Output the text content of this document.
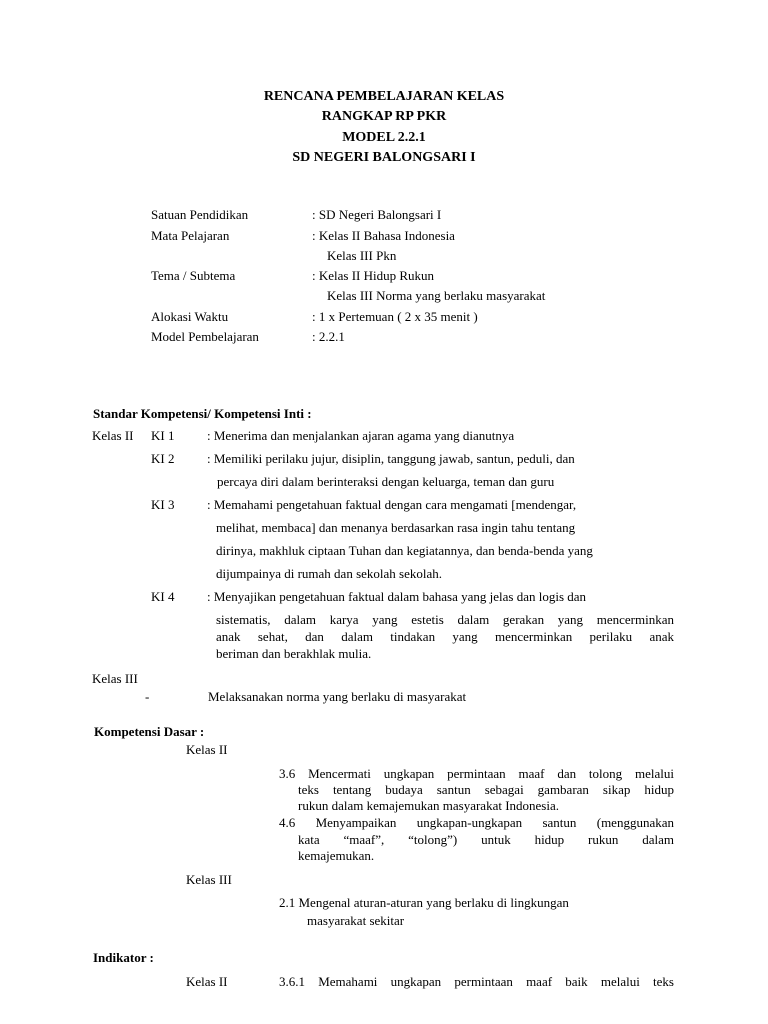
RENCANA PEMBELAJARAN KELAS
RANGKAP RP PKR
MODEL 2.2.1
SD NEGERI BALONGSARI I
Satuan Pendidikan	: SD Negeri Balongsari I
Mata Pelajaran	: Kelas II Bahasa Indonesia
Kelas III Pkn
Tema / Subtema	: Kelas II Hidup Rukun
Kelas III Norma yang berlaku masyarakat
Alokasi Waktu	: 1 x Pertemuan ( 2 x 35 menit )
Model Pembelajaran	: 2.2.1
Standar Kompetensi/ Kompetensi Inti :
Kelas II KI 1	: Menerima dan menjalankan ajaran agama yang dianutnya
KI 2	: Memiliki perilaku jujur, disiplin, tanggung jawab, santun, peduli, dan
percaya diri dalam berinteraksi dengan keluarga, teman dan guru
KI 3	: Memahami pengetahuan faktual dengan cara mengamati [mendengar,
melihat, membaca] dan menanya berdasarkan rasa ingin tahu tentang
dirinya, makhluk ciptaan Tuhan dan kegiatannya, dan benda-benda yang
dijumpainya di rumah dan sekolah sekolah.
KI 4	: Menyajikan pengetahuan faktual dalam bahasa yang jelas dan logis dan
sistematis, dalam karya yang estetis dalam gerakan yang mencerminkan
anak sehat, dan dalam tindakan yang mencerminkan perilaku anak
beriman dan berakhlak mulia.
Kelas III
-	Melaksanakan norma yang berlaku di masyarakat
Kompetensi Dasar :
Kelas II
3.6 Mencermati ungkapan permintaan maaf dan tolong melalui
teks tentang budaya santun sebagai gambaran sikap hidup
rukun dalam kemajemukan masyarakat Indonesia.
4.6 Menyampaikan ungkapan-ungkapan santun (menggunakan
kata “maaf”, “tolong”) untuk hidup rukun dalam
kemajemukan.
Kelas III
2.1 Mengenal aturan-aturan yang berlaku di lingkungan
masyarakat sekitar
Indikator :
Kelas II	3.6.1 Memahami ungkapan permintaan maaf baik melalui teks
